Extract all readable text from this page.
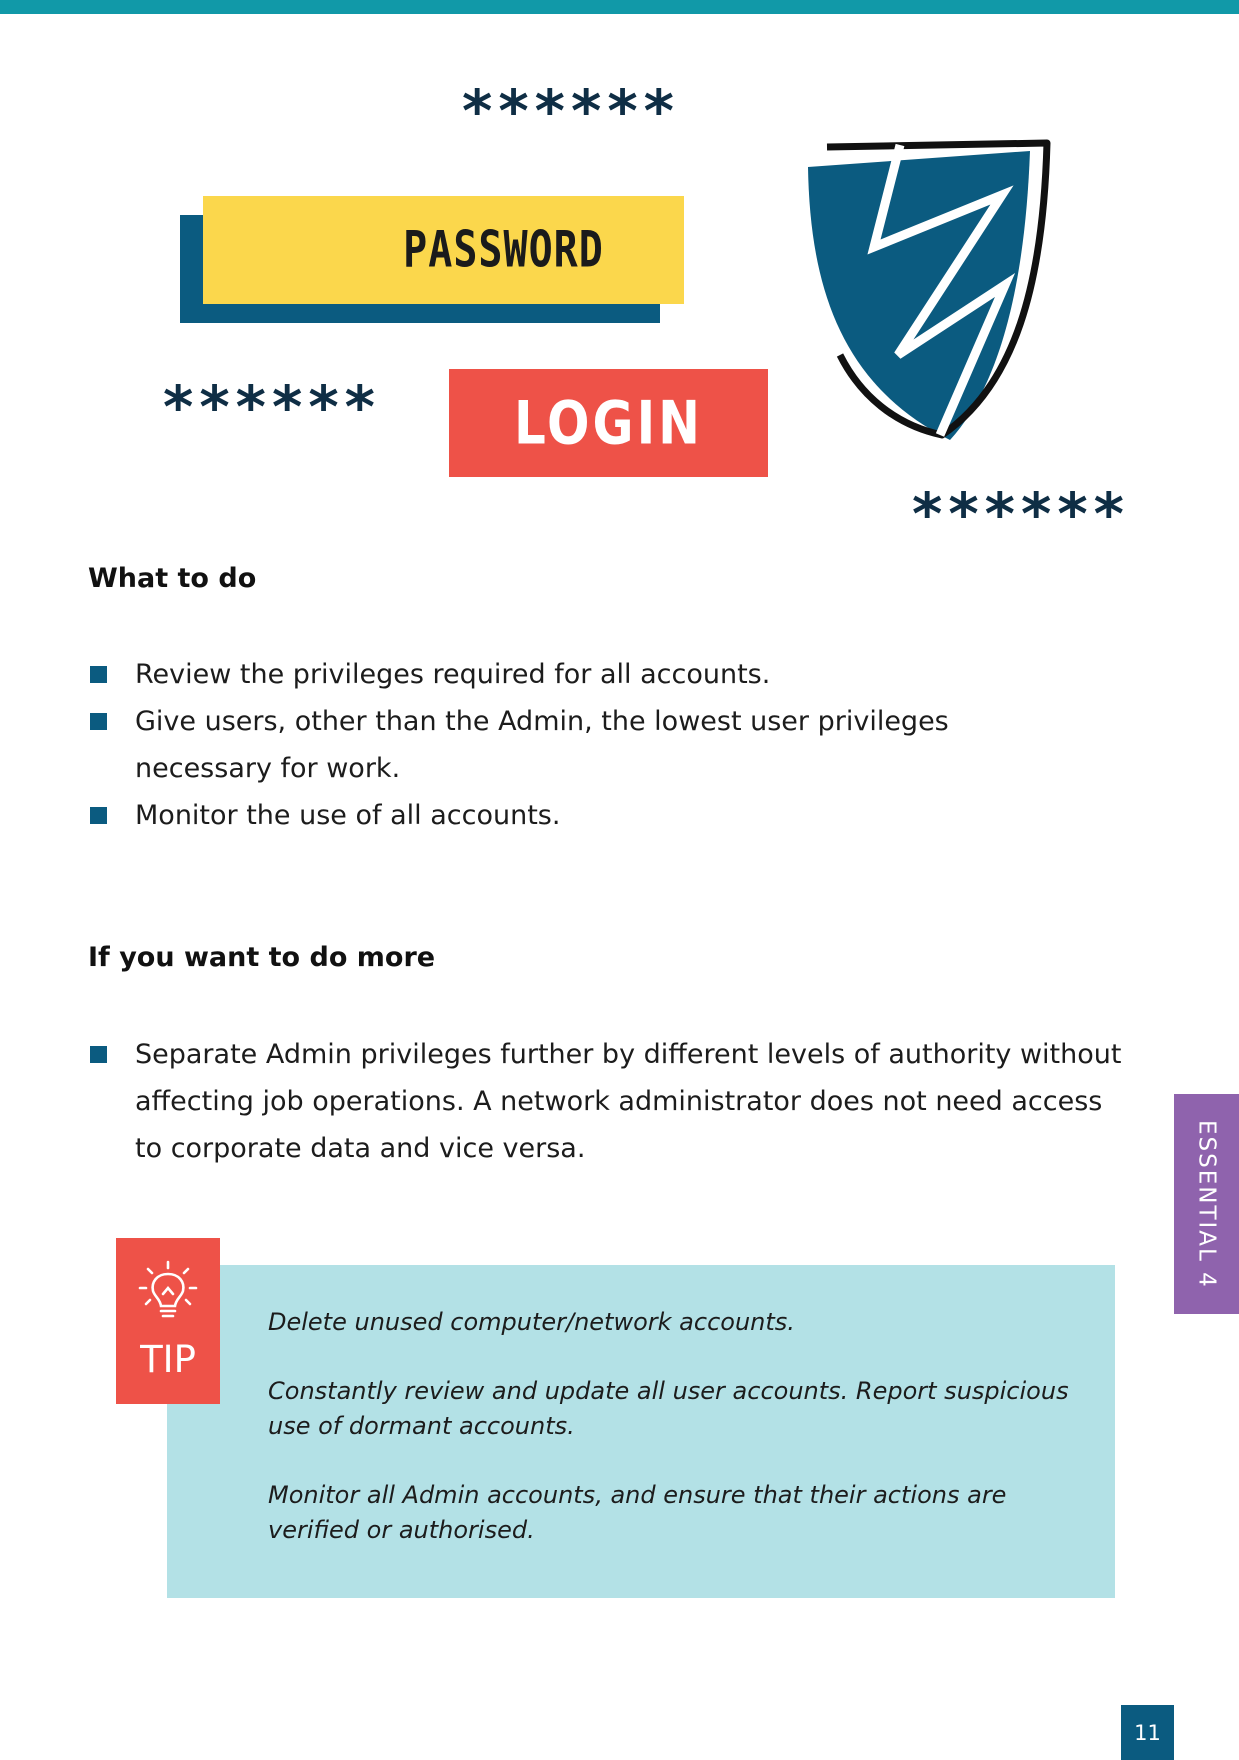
******
******
******
PASSWORD
LOGIN
What to do
Review the privileges required for all accounts.
Give users, other than the Admin, the lowest user privileges necessary for work.
Monitor the use of all accounts.
If you want to do more
Separate Admin privileges further by different levels of authority without affecting job operations. A network administrator does not need access to corporate data and vice versa.
TIP

Delete unused computer/network accounts.

Constantly review and update all user accounts. Report suspicious use of dormant accounts.

Monitor all Admin accounts, and ensure that their actions are verified or authorised.

ESSENTIAL 4
11
